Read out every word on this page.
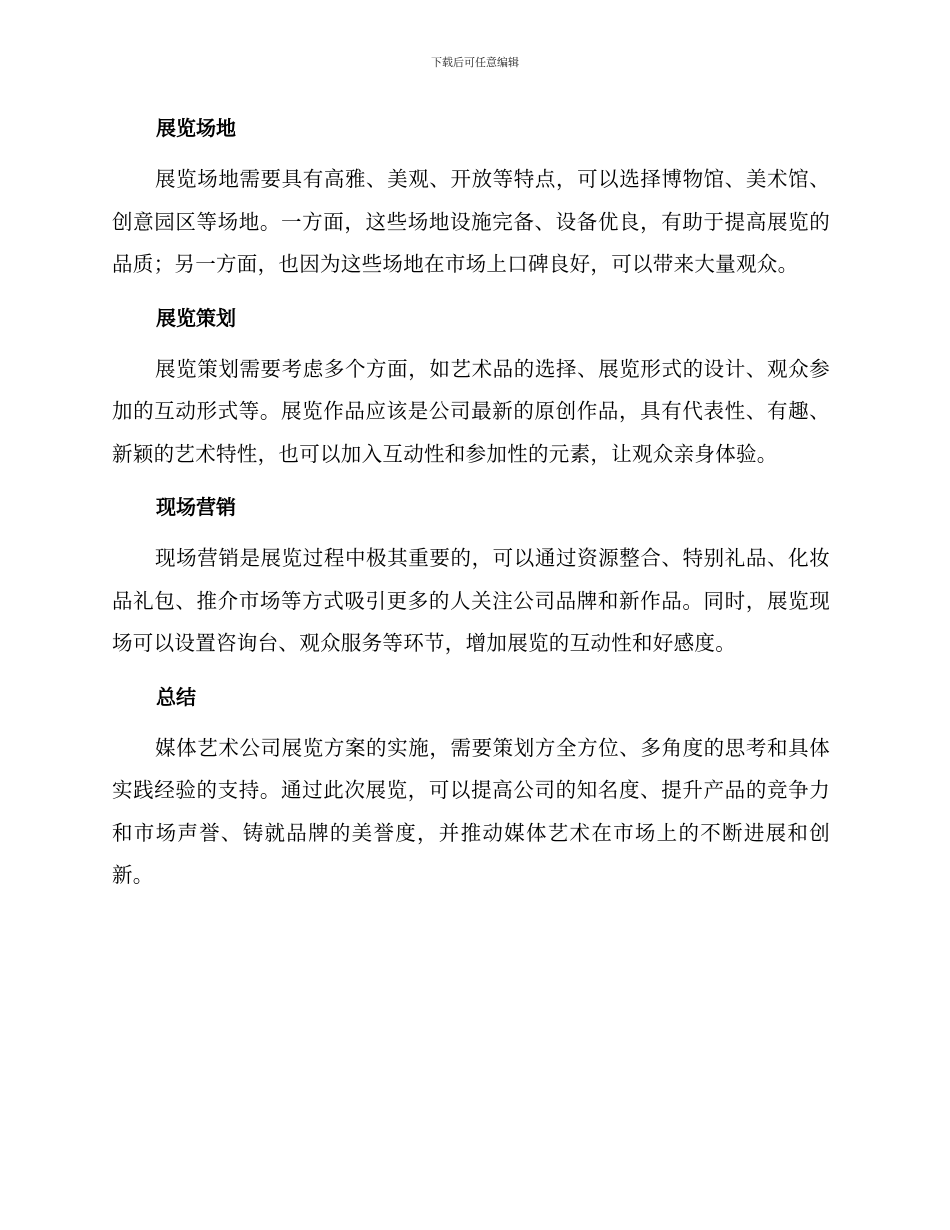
下载后可任意编辑
展览场地

展览场地需要具有高雅、美观、开放等特点，可以选择博物馆、美术馆、创意园区等场地。一方面，这些场地设施完备、设备优良，有助于提高展览的品质；另一方面，也因为这些场地在市场上口碑良好，可以带来大量观众。

展览策划

展览策划需要考虑多个方面，如艺术品的选择、展览形式的设计、观众参加的互动形式等。展览作品应该是公司最新的原创作品，具有代表性、有趣、新颖的艺术特性，也可以加入互动性和参加性的元素，让观众亲身体验。

现场营销

现场营销是展览过程中极其重要的，可以通过资源整合、特别礼品、化妆品礼包、推介市场等方式吸引更多的人关注公司品牌和新作品。同时，展览现场可以设置咨询台、观众服务等环节，增加展览的互动性和好感度。

总结

媒体艺术公司展览方案的实施，需要策划方全方位、多角度的思考和具体实践经验的支持。通过此次展览，可以提高公司的知名度、提升产品的竞争力和市场声誉、铸就品牌的美誉度，并推动媒体艺术在市场上的不断进展和创新。
